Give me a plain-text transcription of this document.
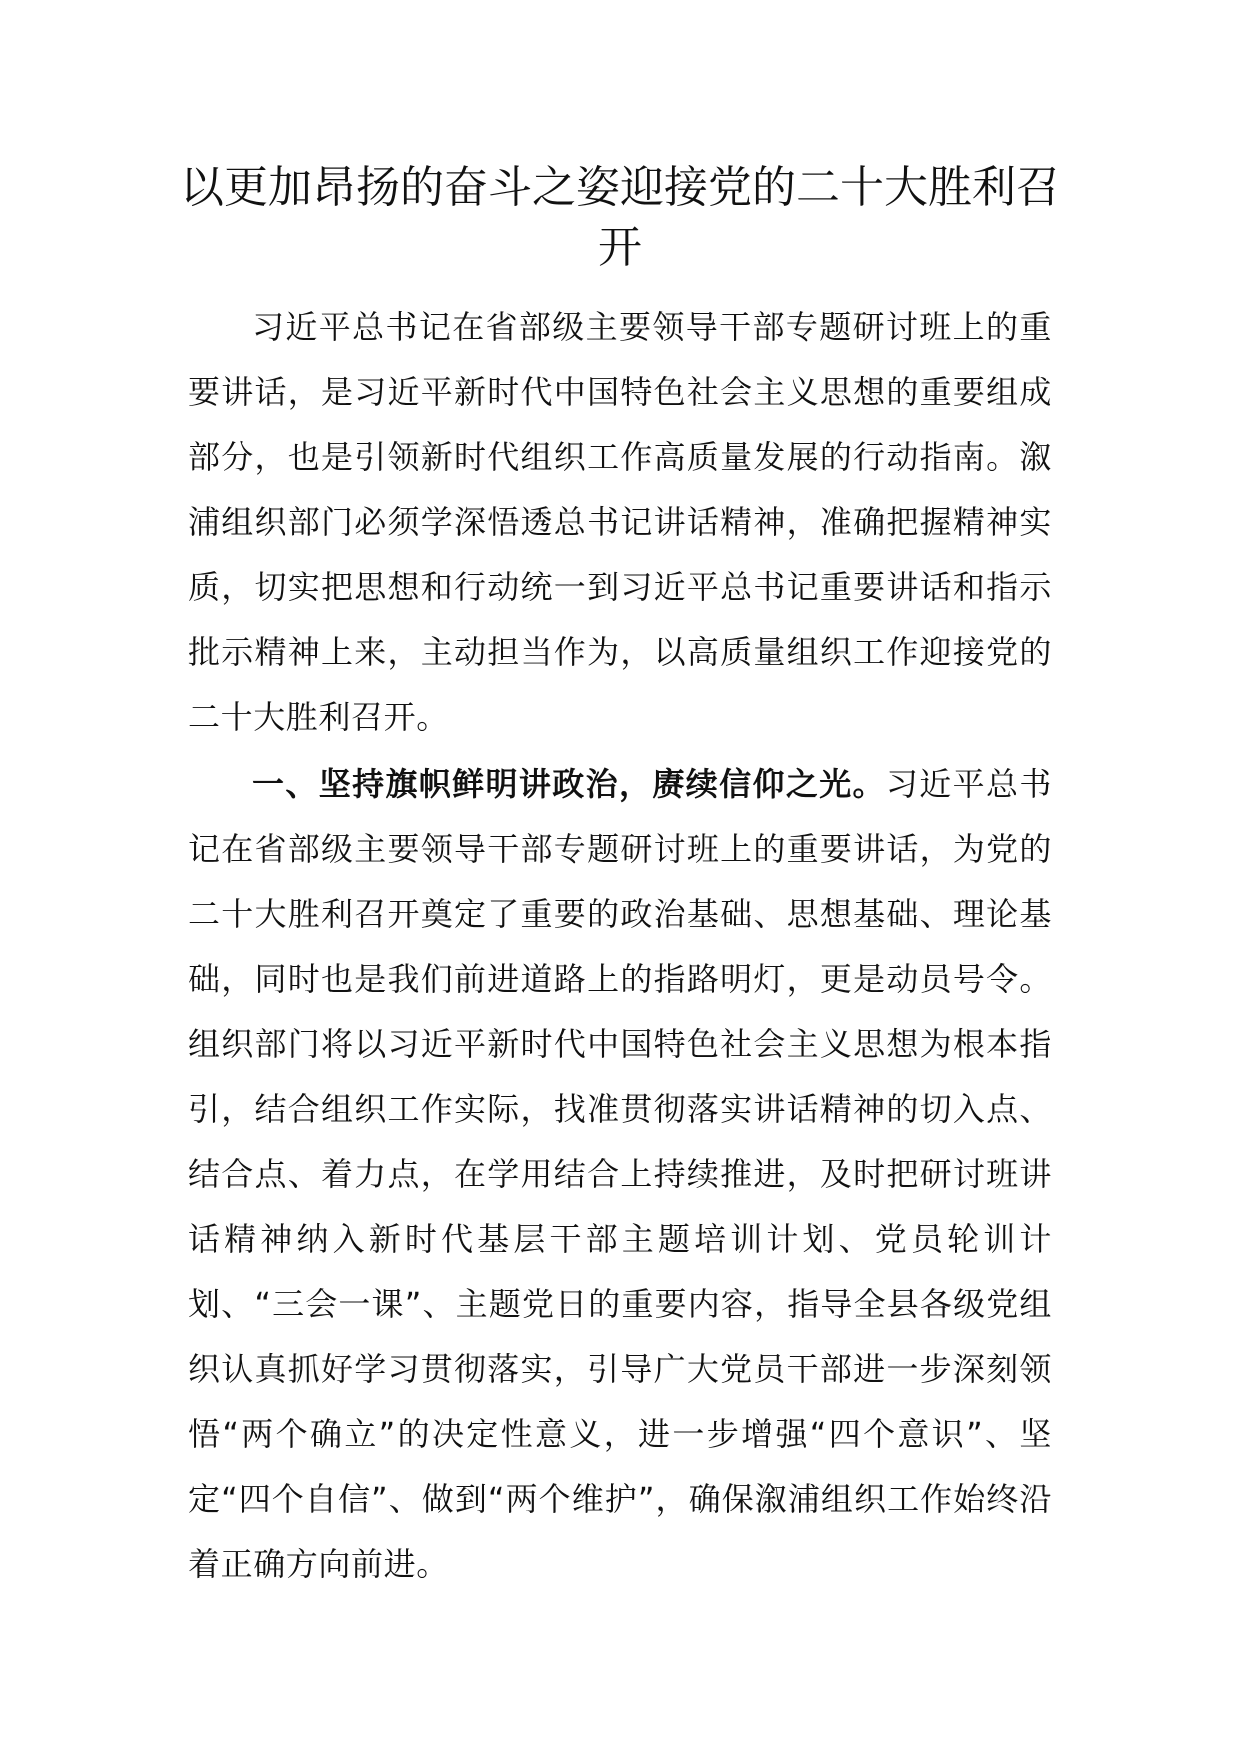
以更加昂扬的奋斗之姿迎接党的二十大胜利召开

习近平总书记在省部级主要领导干部专题研讨班上的重要讲话，是习近平新时代中国特色社会主义思想的重要组成部分，也是引领新时代组织工作高质量发展的行动指南。溆浦组织部门必须学深悟透总书记讲话精神，准确把握精神实质，切实把思想和行动统一到习近平总书记重要讲话和指示批示精神上来，主动担当作为，以高质量组织工作迎接党的二十大胜利召开。

一、坚持旗帜鲜明讲政治，赓续信仰之光。习近平总书记在省部级主要领导干部专题研讨班上的重要讲话，为党的二十大胜利召开奠定了重要的政治基础、思想基础、理论基础，同时也是我们前进道路上的指路明灯，更是动员号令。组织部门将以习近平新时代中国特色社会主义思想为根本指引，结合组织工作实际，找准贯彻落实讲话精神的切入点、结合点、着力点，在学用结合上持续推进，及时把研讨班讲话精神纳入新时代基层干部主题培训计划、党员轮训计划、“三会一课”、主题党日的重要内容，指导全县各级党组织认真抓好学习贯彻落实，引导广大党员干部进一步深刻领悟“两个确立”的决定性意义，进一步增强“四个意识”、坚定“四个自信”、做到“两个维护”，确保溆浦组织工作始终沿着正确方向前进。
